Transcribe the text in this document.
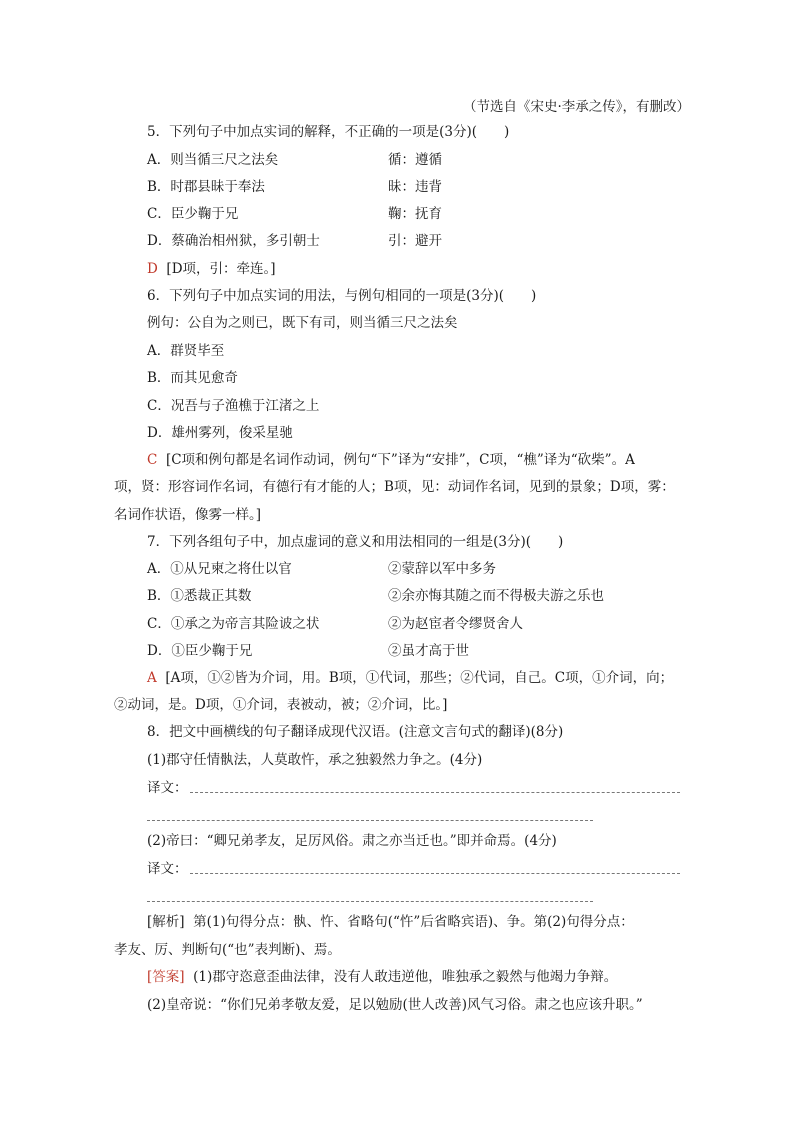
（节选自《宋史·李承之传》，有删改）
5．下列句子中加点实词的解释，不正确的一项是(3分)(　　)
A．则当循三尺之法矣	循：遵循
B．时郡县昧于奉法	昧：违背
C．臣少鞠于兄	鞠：抚育
D．蔡确治相州狱，多引朝士	引：避开
D [D项，引：牵连。]
6．下列句子中加点实词的用法，与例句相同的一项是(3分)(　　)
例句：公自为之则已，既下有司，则当循三尺之法矣
A．群贤毕至
B．而其见愈奇
C．况吾与子渔樵于江渚之上
D．雄州雾列，俊采星驰
C [C项和例句都是名词作动词，例句“下”译为“安排”，C项，“樵”译为“砍柴”。A
项，贤：形容词作名词，有德行有才能的人；B项，见：动词作名词，见到的景象；D项，雾：
名词作状语，像雾一样。]
7．下列各组句子中，加点虚词的意义和用法相同的一组是(3分)(　　)
A．①从兄柬之将仕以官	②蒙辞以军中多务
B．①悉裁正其数	②余亦悔其随之而不得极夫游之乐也
C．①承之为帝言其险诐之状	②为赵宦者令缪贤舍人
D．①臣少鞠于兄	②虽才高于世
A [A项，①②皆为介词，用。B项，①代词，那些；②代词，自己。C项，①介词，向；
②动词，是。D项，①介词，表被动，被；②介词，比。]
8．把文中画横线的句子翻译成现代汉语。(注意文言句式的翻译)(8分)
(1)郡守任情骫法，人莫敢忤，承之独毅然力争之。(4分)
译文：
(2)帝曰：“卿兄弟孝友，足厉风俗。肃之亦当迁也。”即并命焉。(4分)
译文：
[解析] 第(1)句得分点：骫、忤、省略句(“忤”后省略宾语)、争。第(2)句得分点：
孝友、厉、判断句(“也”表判断)、焉。
[答案] (1)郡守恣意歪曲法律，没有人敢违逆他，唯独承之毅然与他竭力争辩。
(2)皇帝说：“你们兄弟孝敬友爱，足以勉励(世人改善)风气习俗。肃之也应该升职。”
